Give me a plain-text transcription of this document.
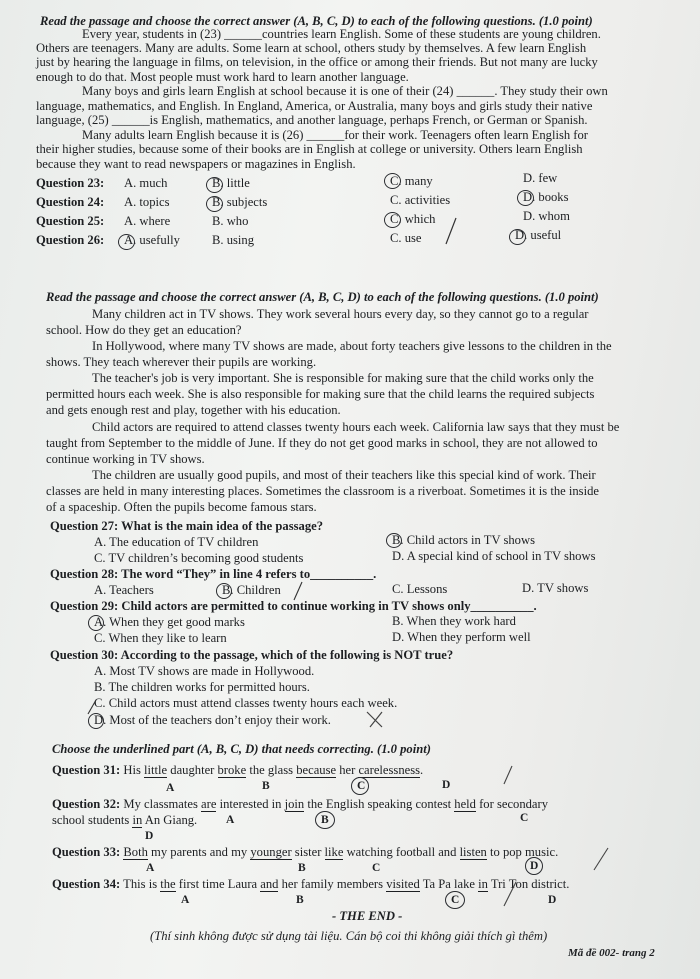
Read the passage and choose the correct answer (A, B, C, D) to each of the following questions. (1.0 point)
Every year, students in (23) ______countries learn English. Some of these students are young children.
Others are teenagers. Many are adults. Some learn at school, others study by themselves. A few learn English
just by hearing the language in films, on television, in the office or among their friends. But not many are lucky
enough to do that. Most people must work hard to learn another language.
Many boys and girls learn English at school because it is one of their (24) ______. They study their own
language, mathematics, and English. In England, America, or Australia, many boys and girls study their native
language, (25) ______is English, mathematics, and another language, perhaps French, or German or Spanish.
Many adults learn English because it is (26) ______for their work. Teenagers often learn English for
their higher studies, because some of their books are in English at college or university. Others learn English
because they want to read newspapers or magazines in English.
Question 23: A. much	B. little	C. many	D. few
Question 24: A. topics	B. subjects	C. activities	D. books
Question 25: A. where	B. who	C. which	D. whom
Question 26: A. usefully	B. using	C. use	D. useful
Read the passage and choose the correct answer (A, B, C, D) to each of the following questions. (1.0 point)
Many children act in TV shows. They work several hours every day, so they cannot go to a regular
school. How do they get an education?
In Hollywood, where many TV shows are made, about forty teachers give lessons to the children in the
shows. They teach wherever their pupils are working.
The teacher's job is very important. She is responsible for making sure that the child works only the
permitted hours each week. She is also responsible for making sure that the child learns the required subjects
and gets enough rest and play, together with his education.
Child actors are required to attend classes twenty hours each week. California law says that they must be
taught from September to the middle of June. If they do not get good marks in school, they are not allowed to
continue working in TV shows.
The children are usually good pupils, and most of their teachers like this special kind of work. Their
classes are held in many interesting places. Sometimes the classroom is a riverboat. Sometimes it is the inside
of a spaceship. Often the pupils become famous stars.
Question 27: What is the main idea of the passage?
A. The education of TV children	B. Child actors in TV shows
C. TV children’s becoming good students	D. A special kind of school in TV shows
Question 28: The word “They” in line 4 refers to__________.
A. Teachers	B. Children	C. Lessons	D. TV shows
Question 29: Child actors are permitted to continue working in TV shows only__________.
A. When they get good marks	B. When they work hard
C. When they like to learn	D. When they perform well
Question 30: According to the passage, which of the following is NOT true?
A. Most TV shows are made in Hollywood.
B. The children works for permitted hours.
C. Child actors must attend classes twenty hours each week.
D. Most of the teachers don’t enjoy their work.
Choose the underlined part (A, B, C, D) that needs correcting. (1.0 point)
Question 31: His little daughter broke the glass because her carelessness.
A	B	C	D
Question 32: My classmates are interested in join the English speaking contest held for secondary
school students in An Giang.	A	B	C
D
Question 33: Both my parents and my younger sister like watching football and listen to pop music.
A	B	C	D
Question 34: This is the first time Laura and her family members visited Ta Pa lake in Tri Ton district.
A	B	C	D
- THE END -
(Thí sinh không được sử dụng tài liệu. Cán bộ coi thi không giải thích gì thêm)
Mã đề 002- trang 2
